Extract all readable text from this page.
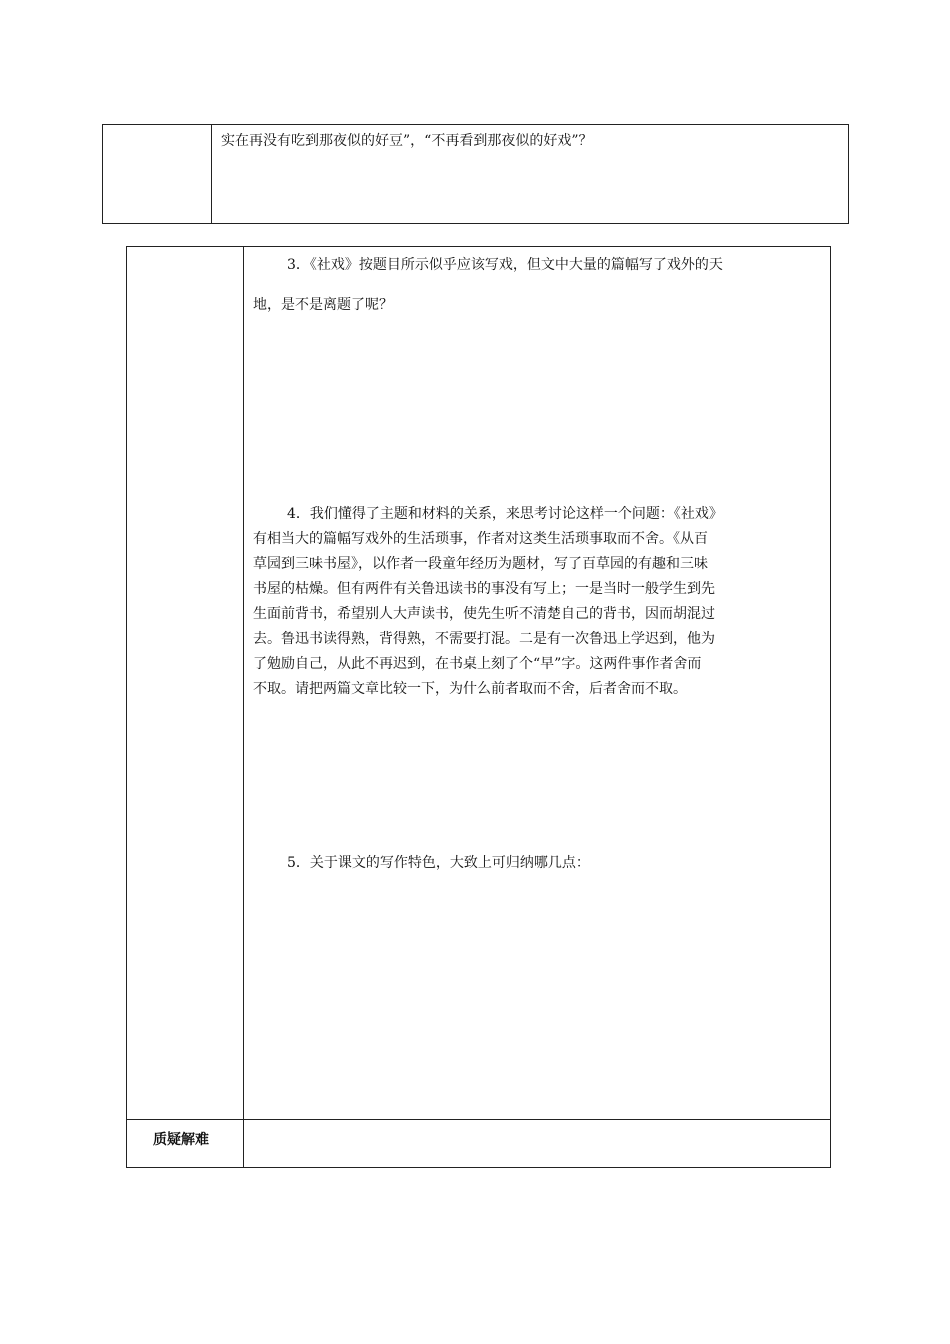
实在再没有吃到那夜似的好豆”，“不再看到那夜似的好戏”？
3．《社戏》按题目所示似乎应该写戏，但文中大量的篇幅写了戏外的天
地，是不是离题了呢？
4．我们懂得了主题和材料的关系，来思考讨论这样一个问题：《社戏》
有相当大的篇幅写戏外的生活琐事，作者对这类生活琐事取而不舍。《从百
草园到三味书屋》，以作者一段童年经历为题材，写了百草园的有趣和三味
书屋的枯燥。但有两件有关鲁迅读书的事没有写上；一是当时一般学生到先
生面前背书，希望别人大声读书，使先生听不清楚自己的背书，因而胡混过
去。鲁迅书读得熟，背得熟，不需要打混。二是有一次鲁迅上学迟到，他为
了勉励自己，从此不再迟到，在书桌上刻了个“早”字。这两件事作者舍而
不取。请把两篇文章比较一下，为什么前者取而不舍，后者舍而不取。
5．关于课文的写作特色，大致上可归纳哪几点：
质疑解难
